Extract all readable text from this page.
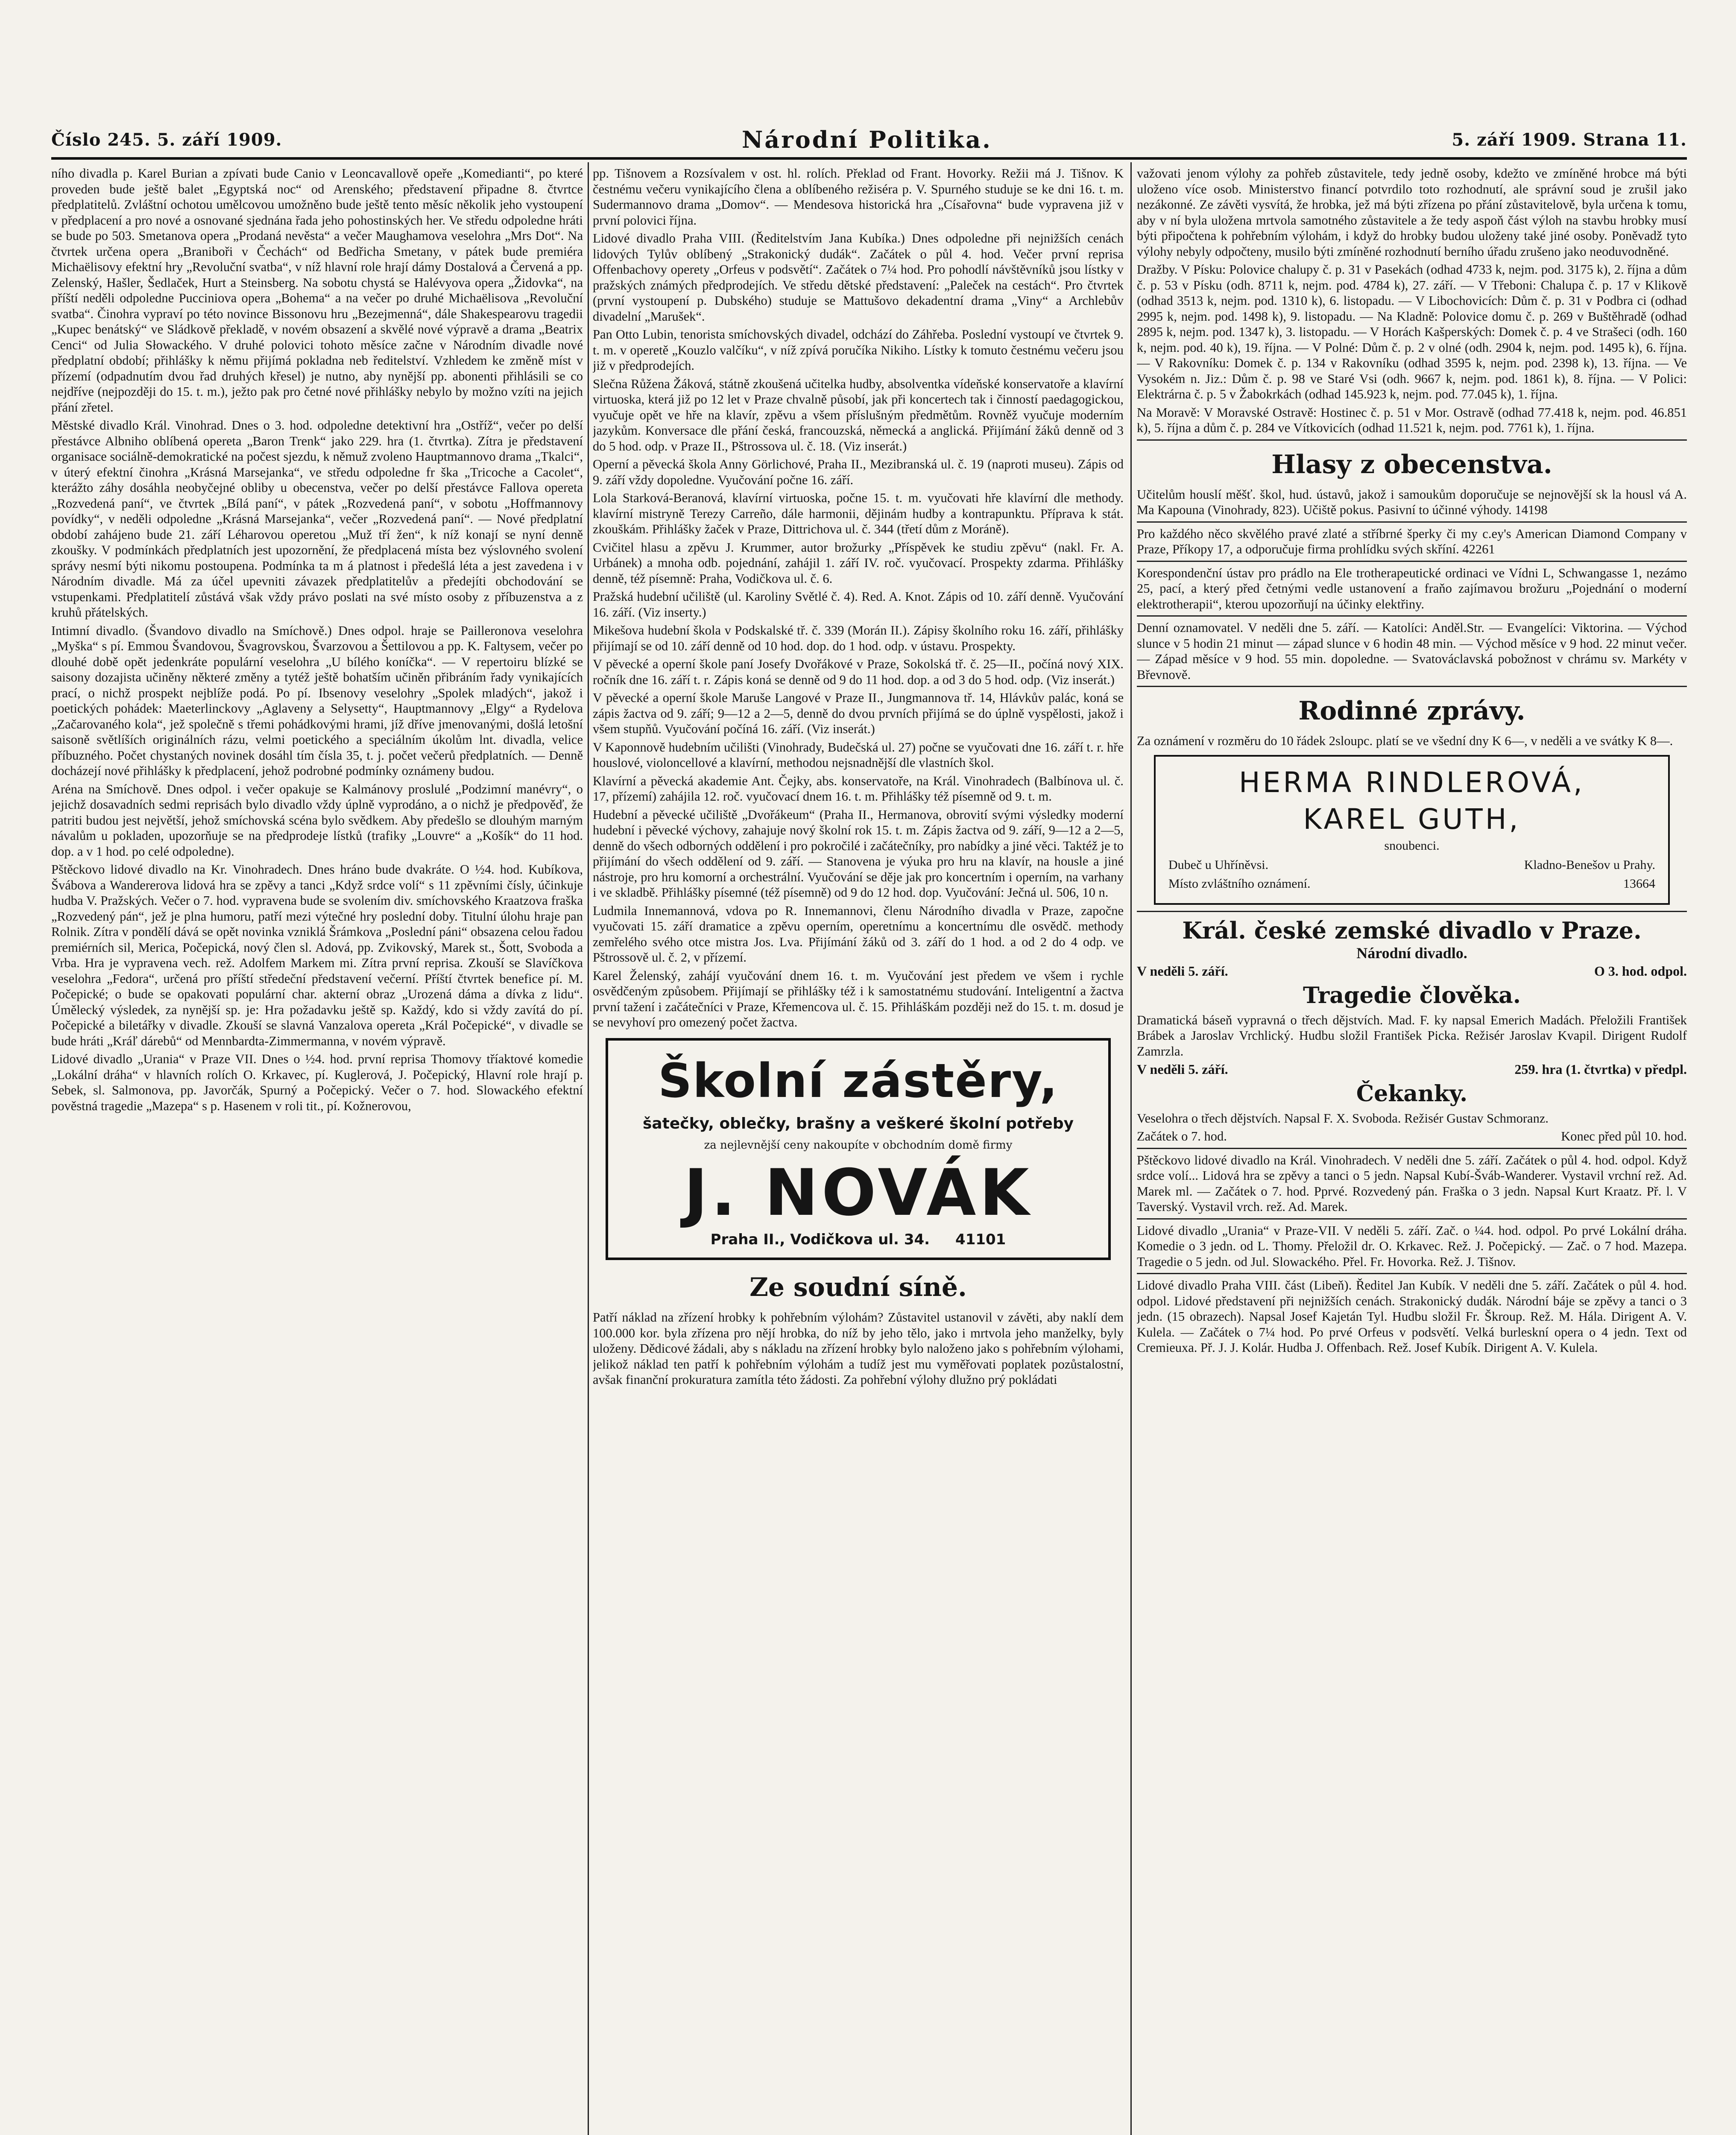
Číslo 245. 5. září 1909.	Národní Politika.	5. září 1909. Strana 11.

ního divadla p. Karel Burian a zpívati bude Canio v Leoncavallově opeře „Komedianti“, po které proveden bude ještě balet „Egyptská noc“ od Arenského; představení připadne 8. čtvrtce předplatitelů. Zvláštní ochotou umělcovou umožněno bude ještě tento měsíc několik jeho vystoupení v předplacení a pro nové a osnované sjednána řada jeho pohostinských her. Ve středu odpoledne hráti se bude po 503. Smetanova opera „Prodaná nevěsta“ a večer Maughamova veselohra „Mrs Dot“. Na čtvrtek určena opera „Braniboři v Čechách“ od Bedřicha Smetany, v pátek bude premiéra Michaëlisovy efektní hry „Revoluční svatba“, v níž hlavní role hrají dámy Dostalová a Červená a pp. Zelenský, Hašler, Šedlaček, Hurt a Steinsberg. Na sobotu chystá se Halévyova opera „Židovka“, na příští neděli odpoledne Pucciniova opera „Bohema“ a na večer po druhé Michaëlisova „Revoluční svatba“. Činohra vypraví po této novince Bissonovu hru „Bezejmenná“, dále Shakespearovu tragedii „Kupec benátský“ ve Sládkově překladě, v novém obsazení a skvělé nové výpravě a drama „Beatrix Cenci“ od Julia Słowackého. V druhé polovici tohoto měsíce začne v Národním divadle nové předplatní období; přihlášky k němu přijímá pokladna neb ředitelství. Vzhledem ke změně míst v přízemí (odpadnutím dvou řad druhých křesel) je nutno, aby nynější pp. abonenti přihlásili se co nejdříve (nejpozději do 15. t. m.), ježto pak pro četné nové přihlášky nebylo by možno vzíti na jejich přání zřetel.

Městské divadlo Král. Vinohrad. Dnes o 3. hod. odpoledne detektivní hra „Ostříž“, večer po delší přestávce Albniho oblíbená opereta „Baron Trenk“ jako 229. hra (1. čtvrtka). Zítra je představení organisace sociálně-demokratické na počest sjezdu, k němuž zvoleno Hauptmannovo drama „Tkalci“, v úterý efektní činohra „Krásná Marsejanka“, ve středu odpoledne fr ška „Tricoche a Cacolet“, kterážto záhy dosáhla neobyčejné obliby u obecenstva, večer po delší přestávce Fallova opereta „Rozvedená paní“, ve čtvrtek „Bílá paní“, v pátek „Rozvedená paní“, v sobotu „Hoffmannovy povídky“, v neděli odpoledne „Krásná Marsejanka“, večer „Rozvedená paní“. — Nové předplatní období zahájeno bude 21. září Léharovou operetou „Muž tří žen“, k níž konají se nyní denně zkoušky. V podmínkách předplatních jest upozornění, že předplacená místa bez výslovného svolení správy nesmí býti nikomu postoupena. Podmínka ta m á platnost i předešlá léta a jest zavedena i v Národním divadle. Má za účel upevniti závazek předplatitelův a předejíti obchodování se vstupenkami. Předplatitelí zůstává však vždy právo poslati na své místo osoby z příbuzenstva a z kruhů přátelských.

Intimní divadlo. (Švandovo divadlo na Smíchově.) Dnes odpol. hraje se Pailleronova veselohra „Myška“ s pí. Emmou Švandovou, Švagrovskou, Švarzovou a Šettilovou a pp. K. Faltysem, večer po dlouhé době opět jedenkráte populární veselohra „U bílého koníčka“. — V repertoiru blízké se saisony dozajista učiněny některé změny a tytéž ještě bohatším učiněn přibráním řady vynikajících prací, o nichž prospekt nejblíže podá. Po pí. Ibsenovy veselohry „Spolek mladých“, jakož i poetických pohádek: Maeterlinckovy „Aglaveny a Selysetty“, Hauptmannovy „Elgy“ a Rydelova „Začarovaného kola“, jež společně s třemi pohádkovými hrami, jíž dříve jmenovanými, došlá letošní saisoně světlíších originálních rázu, velmi poetického a speciálním úkolům lnt. divadla, velice příbuzného. Počet chystaných novinek dosáhl tím čísla 35, t. j. počet večerů předplatních. — Denně docházejí nové přihlášky k předplacení, jehož podrobné podmínky oznámeny budou.

Aréna na Smíchově. Dnes odpol. i večer opakuje se Kalmánovy proslulé „Podzimní manévry“, o jejichž dosavadních sedmi reprisách bylo divadlo vždy úplně vyprodáno, a o nichž je předpověď, že patriti budou jest největší, jehož smíchovská scéna bylo svědkem. Aby předešlo se dlouhým marným návalům u pokladen, upozorňuje se na předprodeje lístků (trafiky „Louvre“ a „Košík“ do 11 hod. dop. a v 1 hod. po celé odpoledne).

Pštěckovo lidové divadlo na Kr. Vinohradech. Dnes hráno bude dvakráte. O ½4. hod. Kubíkova, Švábova a Wandererova lidová hra se zpěvy a tanci „Když srdce volí“ s 11 zpěvními čísly, účinkuje hudba V. Pražských. Večer o 7. hod. vypravena bude se svolením div. smíchovského Kraatzova fraška „Rozvedený pán“, jež je plna humoru, patří mezi výtečné hry poslední doby. Titulní úlohu hraje pan Rolnik. Zítra v pondělí dává se opět novinka vzniklá Šrámkova „Poslední páni“ obsazena celou řadou premiérních sil, Merica, Počepická, nový člen sl. Adová, pp. Zvikovský, Marek st., Šott, Svoboda a Vrba. Hra je vypravena vech. rež. Adolfem Markem mi. Zítra první reprisa. Zkouší se Slavíčkova veselohra „Fedora“, určená pro příští středeční představení večerní. Příští čtvrtek benefice pí. M. Počepické; o bude se opakovati populární char. akterní obraz „Urozená dáma a dívka z lidu“. Úmělecký výsledek, za nynější sp. je: Hra požadavku ještě sp. Každý, kdo si vždy zavítá do pí. Počepické a biletářky v divadle. Zkouší se slavná Vanzalova opereta „Král Počepické“, v divadle se bude hráti „Kráľ dárebů“ od Mennbardta-Zimmermanna, v novém výpravě.

Lidové divadlo „Urania“ v Praze VII. Dnes o ½4. hod. první reprisa Thomovy tříaktové komedie „Lokální dráha“ v hlavních rolích O. Krkavec, pí. Kuglerová, J. Počepický, Hlavní role hrají p. Sebek, sl. Salmonova, pp. Javorčák, Spurný a Počepický. Večer o 7. hod. Slowackého efektní pověstná tragedie „Mazepa“ s p. Hasenem v roli tit., pí. Kožnerovou,

pp. Tišnovem a Rozsívalem v ost. hl. rolích. Překlad od Frant. Hovorky. Režii má J. Tišnov. K čestnému večeru vynikajícího člena a oblíbeného režiséra p. V. Spurného studuje se ke dni 16. t. m. Sudermannovo drama „Domov“. — Mendesova historická hra „Císařovna“ bude vypravena již v první polovici října.

Lidové divadlo Praha VIII. (Ředitelstvím Jana Kubíka.) Dnes odpoledne při nejnižších cenách lidových Tylův oblíbený „Strakonický dudák“. Začátek o půl 4. hod. Večer první reprisa Offenbachovy operety „Orfeus v podsvětí“. Začátek o 7¼ hod. Pro pohodlí návštěvníků jsou lístky v pražských známých předprodejích. Ve středu dětské představení: „Paleček na cestách“. Pro čtvrtek (první vystoupení p. Dubského) studuje se Mattušovo dekadentní drama „Viny“ a Archlebův divadelní „Marušek“.

Pan Otto Lubin, tenorista smíchovských divadel, odchází do Záhřeba. Poslední vystoupí ve čtvrtek 9. t. m. v operetě „Kouzlo valčíku“, v níž zpívá poručíka Nikiho. Lístky k tomuto čestnému večeru jsou již v předprodejích.

Slečna Růžena Žáková, státně zkoušená učitelka hudby, absolventka vídeňské konservatoře a klavírní virtuoska, která již po 12 let v Praze chvalně působí, jak při koncertech tak i činností paedagogickou, vyučuje opět ve hře na klavír, zpěvu a všem příslušným předmětům. Rovněž vyučuje moderním jazykům. Konversace dle přání česká, francouzská, německá a anglická. Přijímání žáků denně od 3 do 5 hod. odp. v Praze II., Pštrossova ul. č. 18. (Viz inserát.)

Operní a pěvecká škola Anny Görlichové, Praha II., Mezibranská ul. č. 19 (naproti museu). Zápis od 9. září vždy dopoledne. Vyučování počne 16. září.

Lola Starková-Beranová, klavírní virtuoska, počne 15. t. m. vyučovati hře klavírní dle methody. klavírní mistryně Terezy Carreño, dále harmonii, dějinám hudby a kontrapunktu. Příprava k stát. zkouškám. Přihlášky žaček v Praze, Dittrichova ul. č. 344 (třetí dům z Moráně).

Cvičitel hlasu a zpěvu J. Krummer, autor brožurky „Příspěvek ke studiu zpěvu“ (nakl. Fr. A. Urbánek) a mnoha odb. pojednání, zahájil 1. září IV. roč. vyučovací. Prospekty zdarma. Přihlášky denně, též písemně: Praha, Vodičkova ul. č. 6.

Pražská hudební učiliště (ul. Karoliny Světlé č. 4). Red. A. Knot. Zápis od 10. září denně. Vyučování 16. září. (Viz inserty.)

Mikešova hudební škola v Podskalské tř. č. 339 (Morán II.). Zápisy školního roku 16. září, přihlášky přijímají se od 10. září denně od 10 hod. dop. do 1 hod. odp. v ústavu. Prospekty.

V pěvecké a operní škole paní Josefy Dvořákové v Praze, Sokolská tř. č. 25—II., počíná nový XIX. ročník dne 16. září t. r. Zápis koná se denně od 9 do 11 hod. dop. a od 3 do 5 hod. odp. (Viz inserát.)

V pěvecké a operní škole Maruše Langové v Praze II., Jungmannova tř. 14, Hlávkův palác, koná se zápis žactva od 9. září; 9—12 a 2—5, denně do dvou prvních přijímá se do úplně vyspělosti, jakož i všem stupňů. Vyučování počíná 16. září. (Viz inserát.)

V Kaponnově hudebním učilišti (Vinohrady, Budečská ul. 27) počne se vyučovati dne 16. září t. r. hře houslové, violoncellové a klavírní, methodou nejsnadnější dle vlastních škol.

Klavírní a pěvecká akademie Ant. Čejky, abs. konservatoře, na Král. Vinohradech (Balbínova ul. č. 17, přízemí) zahájila 12. roč. vyučovací dnem 16. t. m. Přihlášky též písemně od 9. t. m.

Hudební a pěvecké učiliště „Dvořákeum“ (Praha II., Hermanova, obrovití svými výsledky moderní hudební i pěvecké výchovy, zahajuje nový školní rok 15. t. m. Zápis žactva od 9. září, 9—12 a 2—5, denně do všech odborných oddělení i pro pokročilé i začátečníky, pro nabídky a jiné věci. Taktéž je to přijímání do všech oddělení od 9. září. — Stanovena je výuka pro hru na klavír, na housle a jiné nástroje, pro hru komorní a orchestrální. Vyučování se děje jak pro koncertním i operním, na varhany i ve skladbě. Přihlášky písemné (též písemně) od 9 do 12 hod. dop. Vyučování: Ječná ul. 506, 10 n.

Ludmila Innemannová, vdova po R. Innemannovi, členu Národního divadla v Praze, započne vyučovati 15. září dramatice a zpěvu operním, operetnímu a koncertnímu dle osvědč. methody zemřelého svého otce mistra Jos. Lva. Přijímání žáků od 3. září do 1 hod. a od 2 do 4 odp. ve Pštrossově ul. č. 2, v přízemí.

Karel Želenský, zahájí vyučování dnem 16. t. m. Vyučování jest předem ve všem i rychle osvědčeným způsobem. Přijímají se přihlášky též i k samostatnému studování. Inteligentní a žactva první tažení i začátečníci v Praze, Křemencova ul. č. 15. Přihláškám později než do 15. t. m. dosud je se nevyhoví pro omezený počet žactva.

Školní zástěry,
šatečky, oblečky, brašny a veškeré školní potřeby
za nejlevnější ceny nakoupíte v obchodním domě firmy
J. NOVÁK
Praha II., Vodičkova ul. 34. 41101
Ze soudní síně.

Patří náklad na zřízení hrobky k pohřebním výlohám? Zůstavitel ustanovil v závěti, aby naklí dem 100.000 kor. byla zřízena pro nějí hrobka, do níž by jeho tělo, jako i mrtvola jeho manželky, byly uloženy. Dědicové žádali, aby s nákladu na zřízení hrobky bylo naloženo jako s pohřebním výlohami, jelikož náklad ten patří k pohřebním výlohám a tudíž jest mu vyměřovati poplatek pozůstalostní, avšak finanční prokuratura zamítla této žádosti. Za pohřební výlohy dlužno prý pokládati

važovati jenom výlohy za pohřeb zůstavitele, tedy jedně osoby, kdežto ve zmíněné hrobce má býti uloženo více osob. Ministerstvo financí potvrdilo toto rozhodnutí, ale správní soud je zrušil jako nezákonné. Ze závěti vysvítá, že hrobka, jež má býti zřízena po přání zůstavitelově, byla určena k tomu, aby v ní byla uložena mrtvola samotného zůstavitele a že tedy aspoň část výloh na stavbu hrobky musí býti připočtena k pohřebním výlohám, i když do hrobky budou uloženy také jiné osoby. Poněvadž tyto výlohy nebyly odpočteny, musilo býti zmíněné rozhodnutí berního úřadu zrušeno jako neoduvodněné.

Dražby. V Písku: Polovice chalupy č. p. 31 v Pasekách (odhad 4733 k, nejm. pod. 3175 k), 2. října a dům č. p. 53 v Písku (odh. 8711 k, nejm. pod. 4784 k), 27. září. — V Třeboni: Chalupa č. p. 17 v Klikově (odhad 3513 k, nejm. pod. 1310 k), 6. listopadu. — V Libochovicích: Dům č. p. 31 v Podbra ci (odhad 2995 k, nejm. pod. 1498 k), 9. listopadu. — Na Kladně: Polovice domu č. p. 269 v Buštěhradě (odhad 2895 k, nejm. pod. 1347 k), 3. listopadu. — V Horách Kašperských: Domek č. p. 4 ve Strašeci (odh. 160 k, nejm. pod. 40 k), 19. října. — V Polné: Dům č. p. 2 v olné (odh. 2904 k, nejm. pod. 1495 k), 6. října. — V Rakovníku: Domek č. p. 134 v Rakovníku (odhad 3595 k, nejm. pod. 2398 k), 13. října. — Ve Vysokém n. Jiz.: Dům č. p. 98 ve Staré Vsi (odh. 9667 k, nejm. pod. 1861 k), 8. října. — V Polici: Elektrárna č. p. 5 v Žabokrkách (odhad 145.923 k, nejm. pod. 77.045 k), 1. října.

Na Moravě: V Moravské Ostravě: Hostinec č. p. 51 v Mor. Ostravě (odhad 77.418 k, nejm. pod. 46.851 k), 5. října a dům č. p. 284 ve Vítkovicích (odhad 11.521 k, nejm. pod. 7761 k), 1. října.

Hlasy z obecenstva.

Učitelům houslí měšť. škol, hud. ústavů, jakož i samoukům doporučuje se nejnovější sk la housl vá A. Ma Kapouna (Vinohrady, 823). Učiště pokus. Pasivní to účinné výhody. 14198

Pro každého něco skvělého pravé zlaté a stříbrné šperky či my c.ey's American Diamond Company v Praze, Příkopy 17, a odporučuje firma prohlídku svých skříní. 42261

Korespondenční ústav pro prádlo na Ele trotherapeutické ordinaci ve Vídni L, Schwangasse 1, nezámo 25, pací, a který před četnými vedle ustanovení a fraňo zajímavou brožuru „Pojednání o moderní elektrotherapii“, kterou upozorňují na účinky elektřiny.

Denní oznamovatel. V neděli dne 5. září. — Katolíci: Anděl.Str. — Evangelíci: Viktorina. — Východ slunce v 5 hodin 21 minut — západ slunce v 6 hodin 48 min. — Východ měsíce v 9 hod. 22 minut večer. — Západ měsíce v 9 hod. 55 min. dopoledne. — Svatováclavská pobožnost v chrámu sv. Markéty v Břevnově.

Rodinné zprávy.

Za oznámení v rozměru do 10 řádek 2sloupc. platí se ve všední dny K 6—, v neděli a ve svátky K 8—.

HERMA RINDLEROVÁ,
KAREL GUTH,
snoubenci.
Dubeč u Uhříněvsi.	Kladno-Benešov u Prahy.
Místo zvláštního oznámení.	13664
Král. české zemské divadlo v Praze.
Národní divadlo.
V neděli 5. září.	O 3. hod. odpol.
Tragedie člověka.

Dramatická báseň vypravná o třech dějstvích. Mad. F. ky napsal Emerich Madách. Přeložili František Brábek a Jaroslav Vrchlický. Hudbu složil František Picka. Režisér Jaroslav Kvapil. Dirigent Rudolf Zamrzla.

V neděli 5. září.	259. hra (1. čtvrtka) v předpl.
Čekanky.

Veselohra o třech dějstvích. Napsal F. X. Svoboda. Režisér Gustav Schmoranz.

Začátek o 7. hod.	Konec před půl 10. hod.

Pštěckovo lidové divadlo na Král. Vinohradech. V neděli dne 5. září. Začátek o půl 4. hod. odpol. Když srdce volí... Lidová hra se zpěvy a tanci o 5 jedn. Napsal Kubí-Šváb-Wanderer. Vystavil vrchní rež. Ad. Marek ml. — Začátek o 7. hod. Pprvé. Rozvedený pán. Fraška o 3 jedn. Napsal Kurt Kraatz. Př. l. V Taverský. Vystavil vrch. rež. Ad. Marek.

Lidové divadlo „Urania“ v Praze-VII. V neděli 5. září. Zač. o ¼4. hod. odpol. Po prvé Lokální dráha. Komedie o 3 jedn. od L. Thomy. Přeložil dr. O. Krkavec. Rež. J. Počepický. — Zač. o 7 hod. Mazepa. Tragedie o 5 jedn. od Jul. Slowackého. Přel. Fr. Hovorka. Rež. J. Tišnov.

Lidové divadlo Praha VIII. část (Libeň). Ředitel Jan Kubík. V neděli dne 5. září. Začátek o půl 4. hod. odpol. Lidové představení při nejnižších cenách. Strakonický dudák. Národní báje se zpěvy a tanci o 3 jedn. (15 obrazech). Napsal Josef Kajetán Tyl. Hudbu složil Fr. Škroup. Rež. M. Hála. Dirigent A. V. Kulela. — Začátek o 7¼ hod. Po prvé Orfeus v podsvětí. Velká burleskní opera o 4 jedn. Text od Cremieuxa. Př. J. J. Kolár. Hudba J. Offenbach. Rež. Josef Kubík. Dirigent A. V. Kulela.
